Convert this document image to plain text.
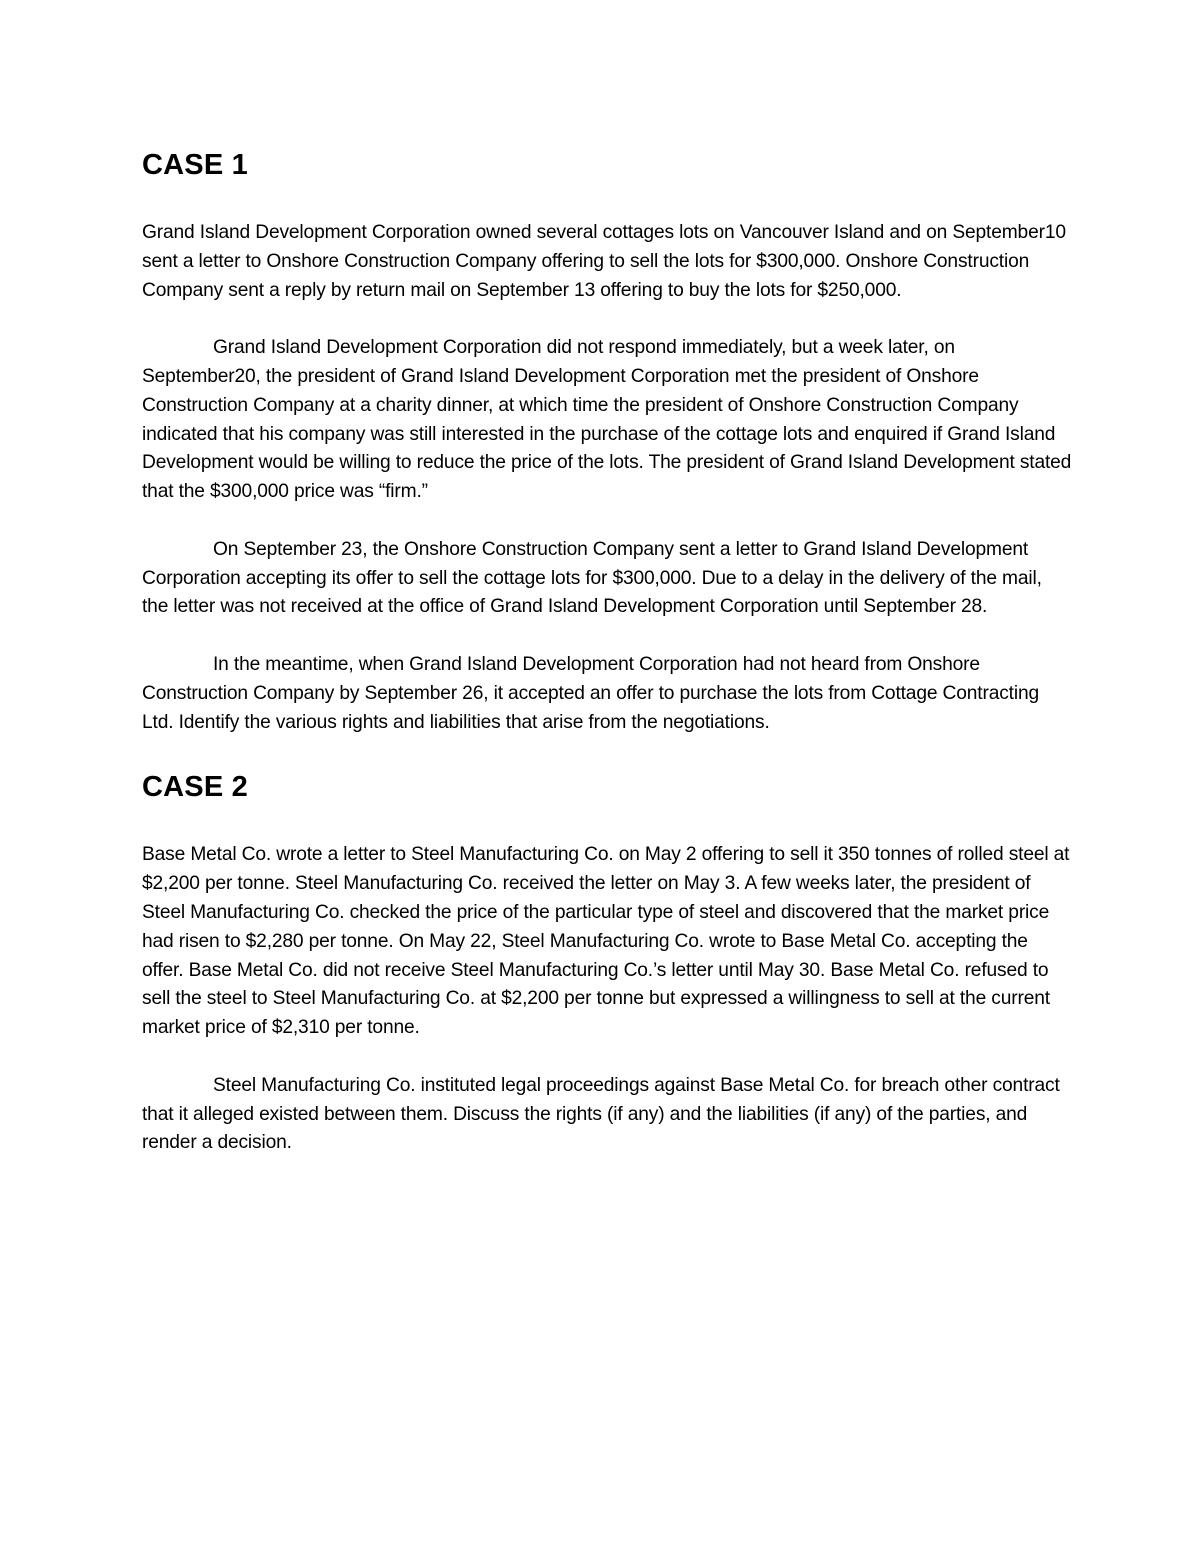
CASE 1

Grand Island Development Corporation owned several cottages lots on Vancouver Island and on September10 sent a letter to Onshore Construction Company offering to sell the lots for $300,000. Onshore Construction Company sent a reply by return mail on September 13 offering to buy the lots for $250,000.

Grand Island Development Corporation did not respond immediately, but a week later, on September20, the president of Grand Island Development Corporation met the president of Onshore Construction Company at a charity dinner, at which time the president of Onshore Construction Company indicated that his company was still interested in the purchase of the cottage lots and enquired if Grand Island Development would be willing to reduce the price of the lots. The president of Grand Island Development stated that the $300,000 price was “firm.”

On September 23, the Onshore Construction Company sent a letter to Grand Island Development Corporation accepting its offer to sell the cottage lots for $300,000. Due to a delay in the delivery of the mail, the letter was not received at the office of Grand Island Development Corporation until September 28.

In the meantime, when Grand Island Development Corporation had not heard from Onshore Construction Company by September 26, it accepted an offer to purchase the lots from Cottage Contracting Ltd. Identify the various rights and liabilities that arise from the negotiations.

CASE 2

Base Metal Co. wrote a letter to Steel Manufacturing Co. on May 2 offering to sell it 350 tonnes of rolled steel at $2,200 per tonne. Steel Manufacturing Co. received the letter on May 3. A few weeks later, the president of Steel Manufacturing Co. checked the price of the particular type of steel and discovered that the market price had risen to $2,280 per tonne. On May 22, Steel Manufacturing Co. wrote to Base Metal Co. accepting the offer. Base Metal Co. did not receive Steel Manufacturing Co.’s letter until May 30. Base Metal Co. refused to sell the steel to Steel Manufacturing Co. at $2,200 per tonne but expressed a willingness to sell at the current market price of $2,310 per tonne.

Steel Manufacturing Co. instituted legal proceedings against Base Metal Co. for breach other contract that it alleged existed between them. Discuss the rights (if any) and the liabilities (if any) of the parties, and render a decision.
